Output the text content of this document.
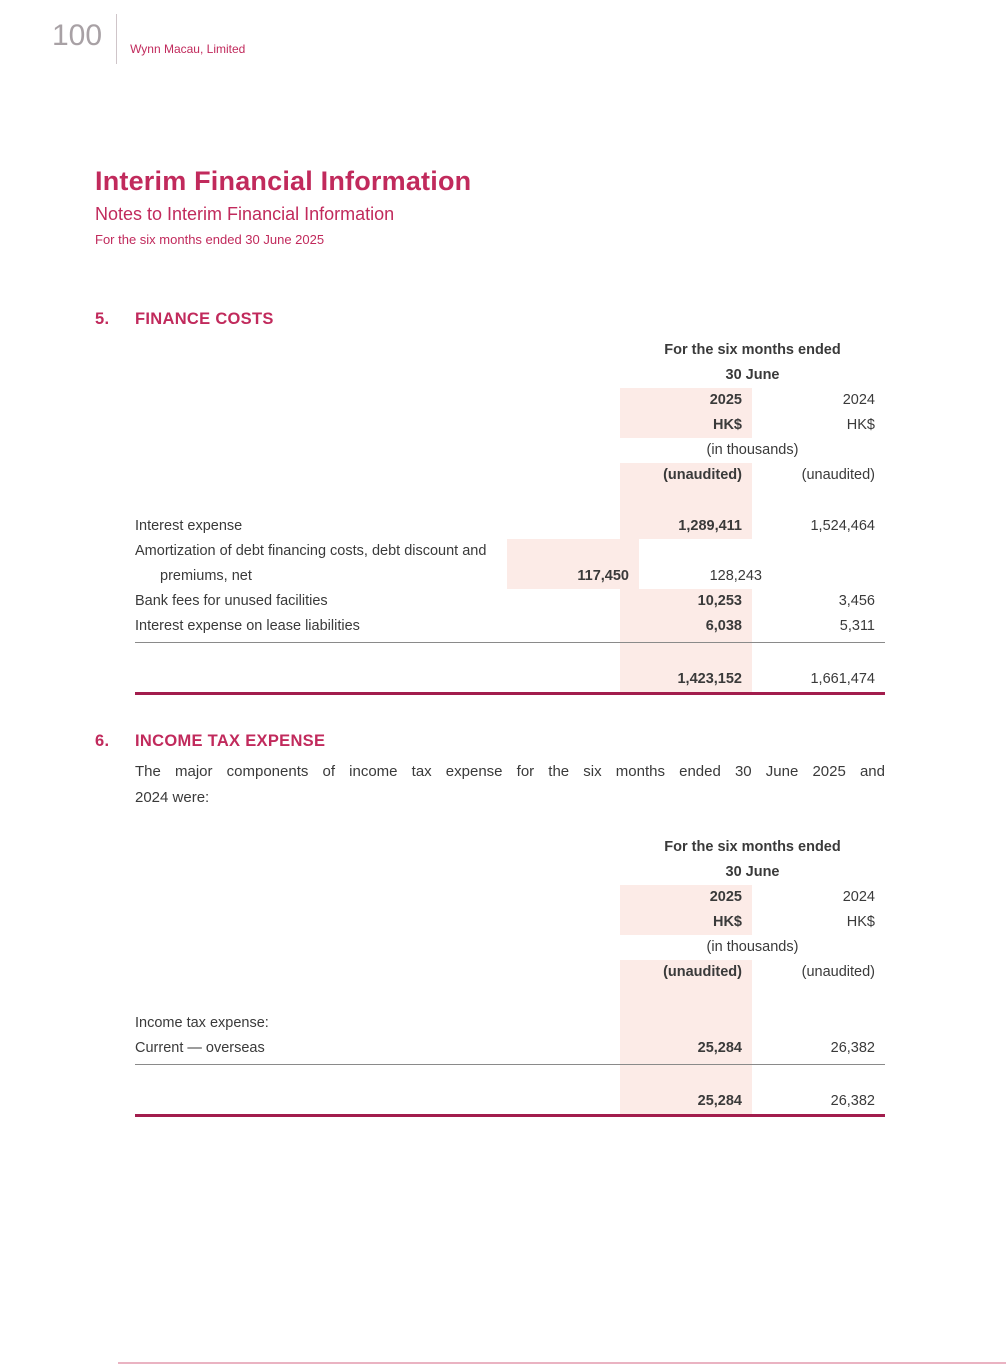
100 Wynn Macau, Limited
Interim Financial Information
Notes to Interim Financial Information
For the six months ended 30 June 2025
5.	FINANCE COSTS
For the six months ended
30 June
2025	2024
HK$	HK$
(in thousands)
(unaudited)	(unaudited)
Interest expense	1,289,411	1,524,464
Amortization of debt financing costs, debt discount and premiums, net	117,450	128,243
Bank fees for unused facilities	10,253	3,456
Interest expense on lease liabilities	6,038	5,311
1,423,152	1,661,474
6.	INCOME TAX EXPENSE
The major components of income tax expense for the six months ended 30 June 2025 and
2024 were:
For the six months ended
30 June
2025	2024
HK$	HK$
(in thousands)
(unaudited)	(unaudited)
Income tax expense:
Current — overseas	25,284	26,382
25,284	26,382
